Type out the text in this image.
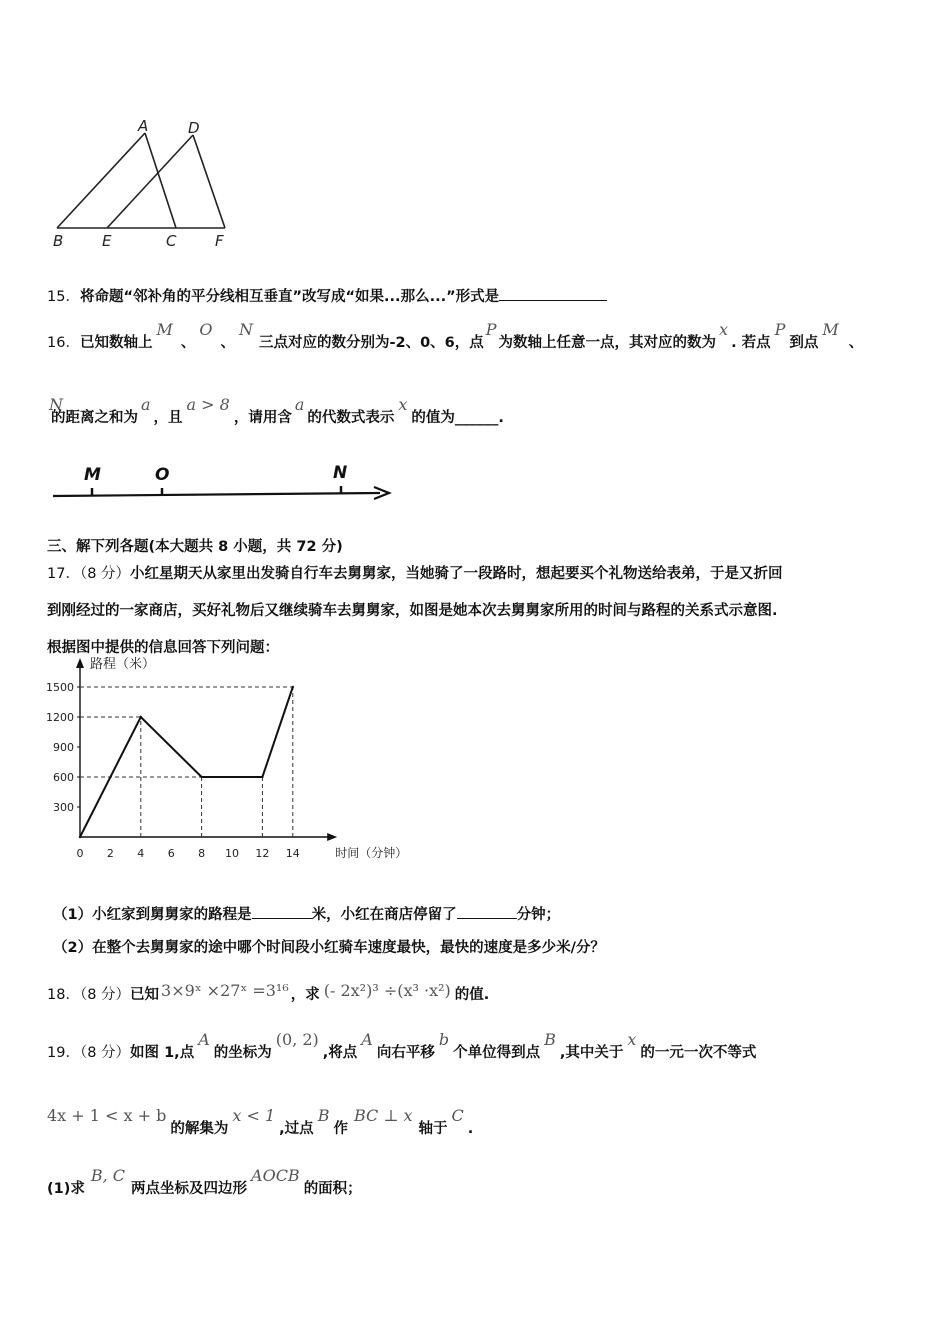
A	D
B	E	C	F
15．将命题“邻补角的平分线相互垂直”改写成“如果...那么...”形式是
16．已知数轴上M、O、N三点对应的数分别为-2、0、6，点P为数轴上任意一点，其对应的数为x. 若点P到点M、
N的距离之和为a，且a > 8，请用含a的代数式表示x的值为______.
M	O	N
三、解下列各题(本大题共 8 小题，共 72 分)
17．（8 分）小红星期天从家里出发骑自行车去舅舅家，当她骑了一段路时，想起要买个礼物送给表弟，于是又折回
到刚经过的一家商店，买好礼物后又继续骑车去舅舅家，如图是她本次去舅舅家所用的时间与路程的关系式示意图.
根据图中提供的信息回答下列问题：
路程（米）
时间（分钟）
0 2 4 6 8 10 12 14
300
600
900
1200
1500
（1）小红家到舅舅家的路程是	米，小红在商店停留了	分钟；
（2）在整个去舅舅家的途中哪个时间段小红骑车速度最快，最快的速度是多少米/分？
18．（8 分）已知 3×9ˣ ×27ˣ =3¹⁶ ，求 (- 2x²)³ ÷(x³ ·x²) 的值.
19．（8 分）如图 1,点A的坐标为(0, 2),将点A向右平移b个单位得到点B,其中关于x的一元一次不等式
4x + 1 < x + b的解集为x < 1,过点B作BC ⊥ x轴于C.
(1)求B, C两点坐标及四边形AOCB的面积；
